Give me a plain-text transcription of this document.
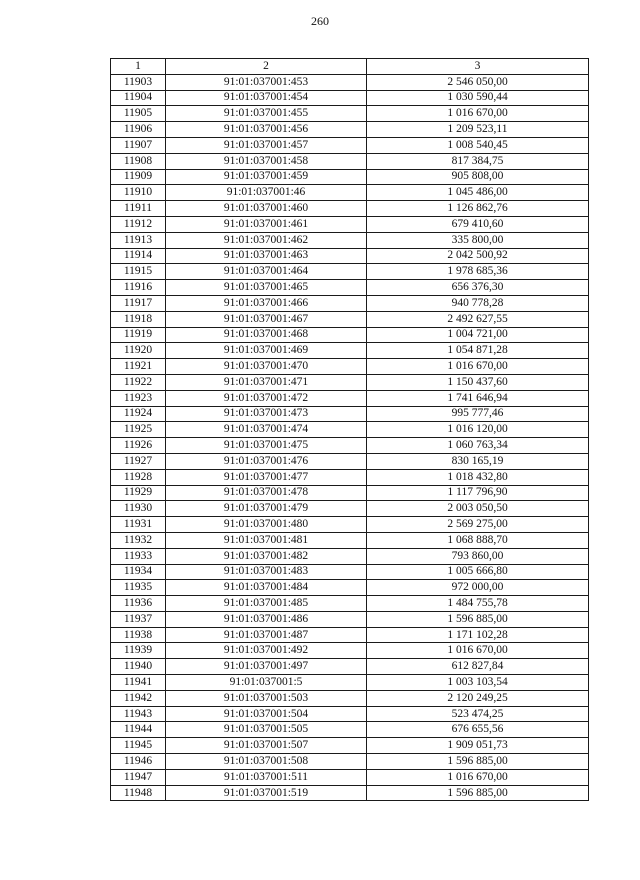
260
1	2	3
11903	91:01:037001:453	2 546 050,00
11904	91:01:037001:454	1 030 590,44
11905	91:01:037001:455	1 016 670,00
11906	91:01:037001:456	1 209 523,11
11907	91:01:037001:457	1 008 540,45
11908	91:01:037001:458	817 384,75
11909	91:01:037001:459	905 808,00
11910	91:01:037001:46	1 045 486,00
11911	91:01:037001:460	1 126 862,76
11912	91:01:037001:461	679 410,60
11913	91:01:037001:462	335 800,00
11914	91:01:037001:463	2 042 500,92
11915	91:01:037001:464	1 978 685,36
11916	91:01:037001:465	656 376,30
11917	91:01:037001:466	940 778,28
11918	91:01:037001:467	2 492 627,55
11919	91:01:037001:468	1 004 721,00
11920	91:01:037001:469	1 054 871,28
11921	91:01:037001:470	1 016 670,00
11922	91:01:037001:471	1 150 437,60
11923	91:01:037001:472	1 741 646,94
11924	91:01:037001:473	995 777,46
11925	91:01:037001:474	1 016 120,00
11926	91:01:037001:475	1 060 763,34
11927	91:01:037001:476	830 165,19
11928	91:01:037001:477	1 018 432,80
11929	91:01:037001:478	1 117 796,90
11930	91:01:037001:479	2 003 050,50
11931	91:01:037001:480	2 569 275,00
11932	91:01:037001:481	1 068 888,70
11933	91:01:037001:482	793 860,00
11934	91:01:037001:483	1 005 666,80
11935	91:01:037001:484	972 000,00
11936	91:01:037001:485	1 484 755,78
11937	91:01:037001:486	1 596 885,00
11938	91:01:037001:487	1 171 102,28
11939	91:01:037001:492	1 016 670,00
11940	91:01:037001:497	612 827,84
11941	91:01:037001:5	1 003 103,54
11942	91:01:037001:503	2 120 249,25
11943	91:01:037001:504	523 474,25
11944	91:01:037001:505	676 655,56
11945	91:01:037001:507	1 909 051,73
11946	91:01:037001:508	1 596 885,00
11947	91:01:037001:511	1 016 670,00
11948	91:01:037001:519	1 596 885,00
